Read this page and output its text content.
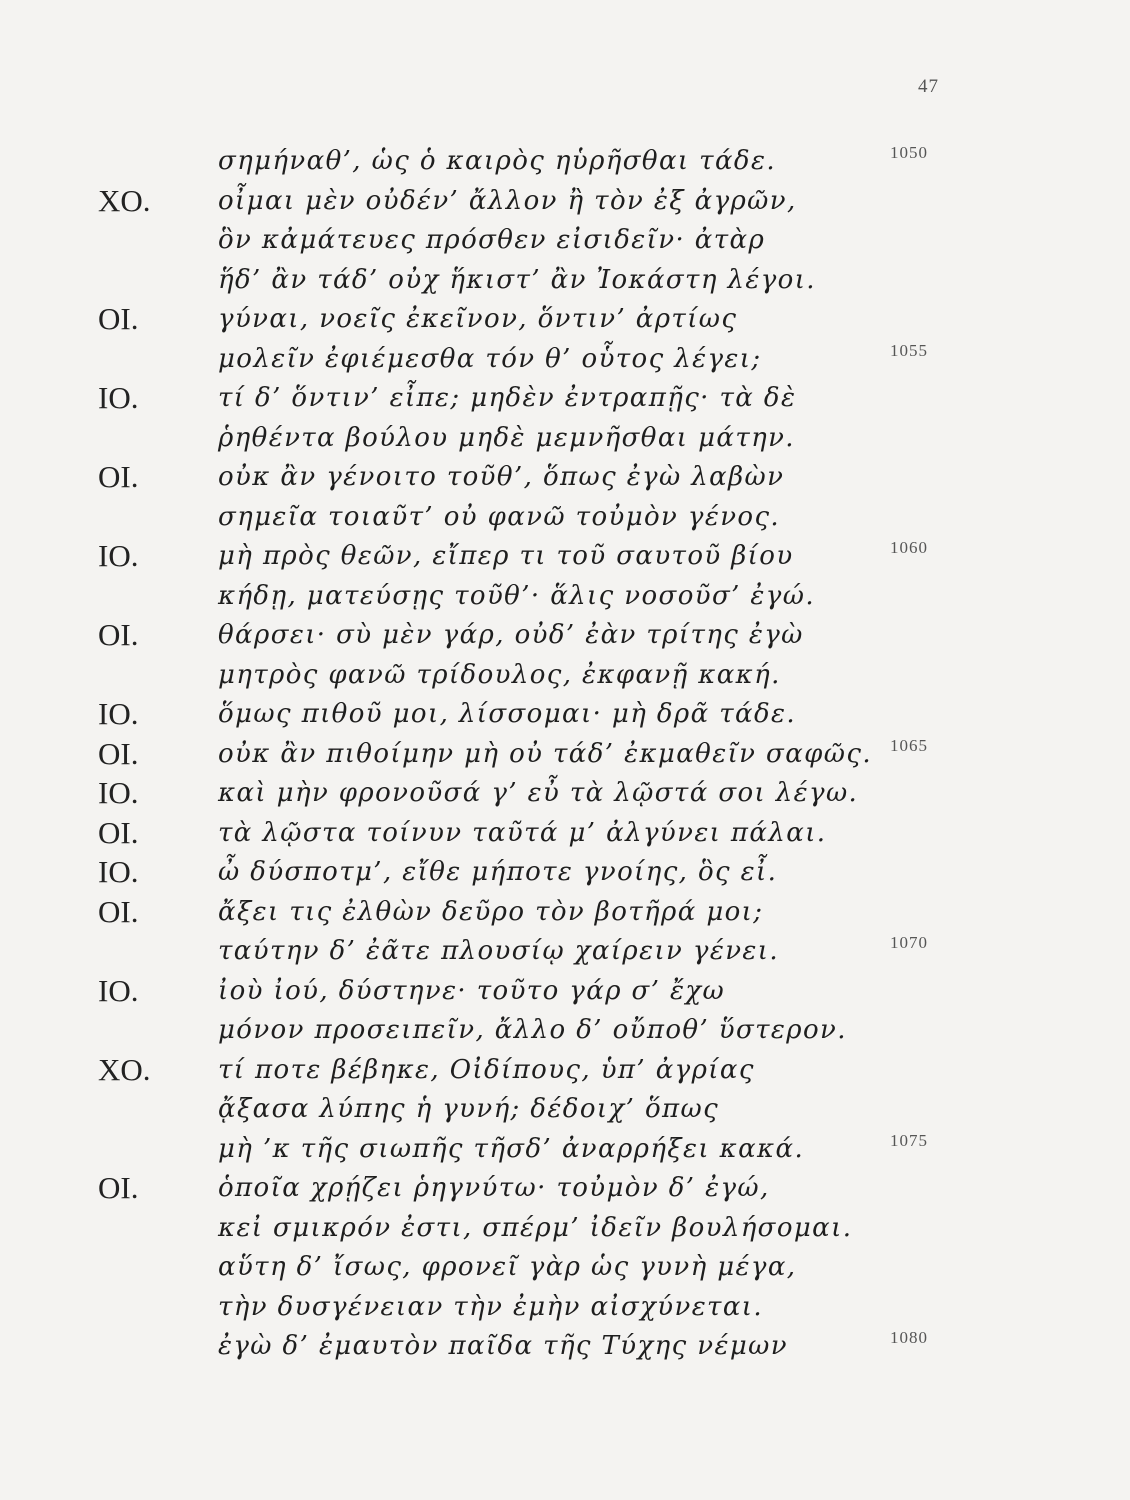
47
σημήναθ’, ὡς ὁ καιρὸς ηὑρῆσθαι τάδε.	1050
ΧΟ.	οἶμαι μὲν οὐδέν’ ἄλλον ἢ τὸν ἐξ ἀγρῶν,
ὃν κἀμάτευες πρόσθεν εἰσιδεῖν· ἀτὰρ
ἥδ’ ἂν τάδ’ οὐχ ἥκιστ’ ἂν Ἰοκάστη λέγοι.
ΟΙ.	γύναι, νοεῖς ἐκεῖνον, ὅντιν’ ἀρτίως
μολεῖν ἐφιέμεσθα τόν θ’ οὗτος λέγει;	1055
ΙΟ.	τί δ’ ὅντιν’ εἶπε; μηδὲν ἐντραπῇς· τὰ δὲ
ῥηθέντα βούλου μηδὲ μεμνῆσθαι μάτην.
ΟΙ.	οὐκ ἂν γένοιτο τοῦθ’, ὅπως ἐγὼ λαβὼν
σημεῖα τοιαῦτ’ οὐ φανῶ τοὐμὸν γένος.
ΙΟ.	μὴ πρὸς θεῶν, εἴπερ τι τοῦ σαυτοῦ βίου	1060
κήδῃ, ματεύσῃς τοῦθ’· ἅλις νοσοῦσ’ ἐγώ.
ΟΙ.	θάρσει· σὺ μὲν γάρ, οὐδ’ ἐὰν τρίτης ἐγὼ
μητρὸς φανῶ τρίδουλος, ἐκφανῇ κακή.
ΙΟ.	ὅμως πιθοῦ μοι, λίσσομαι· μὴ δρᾶ τάδε.
ΟΙ.	οὐκ ἂν πιθοίμην μὴ οὐ τάδ’ ἐκμαθεῖν σαφῶς. 1065
ΙΟ.	καὶ μὴν φρονοῦσά γ’ εὖ τὰ λῷστά σοι λέγω.
ΟΙ.	τὰ λῷστα τοίνυν ταῦτά μ’ ἀλγύνει πάλαι.
ΙΟ.	ὦ δύσποτμ’, εἴθε μήποτε γνοίης, ὃς εἶ.
ΟΙ.	ἄξει τις ἐλθὼν δεῦρο τὸν βοτῆρά μοι;
ταύτην δ’ ἐᾶτε πλουσίῳ χαίρειν γένει.	1070
ΙΟ.	ἰοὺ ἰού, δύστηνε· τοῦτο γάρ σ’ ἔχω
μόνον προσειπεῖν, ἄλλο δ’ οὔποθ’ ὕστερον.
ΧΟ.	τί ποτε βέβηκε, Οἰδίπους, ὑπ’ ἀγρίας
ᾄξασα λύπης ἡ γυνή; δέδοιχ’ ὅπως
μὴ ’κ τῆς σιωπῆς τῆσδ’ ἀναρρήξει κακά.	1075
ΟΙ.	ὁποῖα χρῄζει ῥηγνύτω· τοὐμὸν δ’ ἐγώ,
κεἰ σμικρόν ἐστι, σπέρμ’ ἰδεῖν βουλήσομαι.
αὕτη δ’ ἴσως, φρονεῖ γὰρ ὡς γυνὴ μέγα,
τὴν δυσγένειαν τὴν ἐμὴν αἰσχύνεται.
ἐγὼ δ’ ἐμαυτὸν παῖδα τῆς Τύχης νέμων	1080
